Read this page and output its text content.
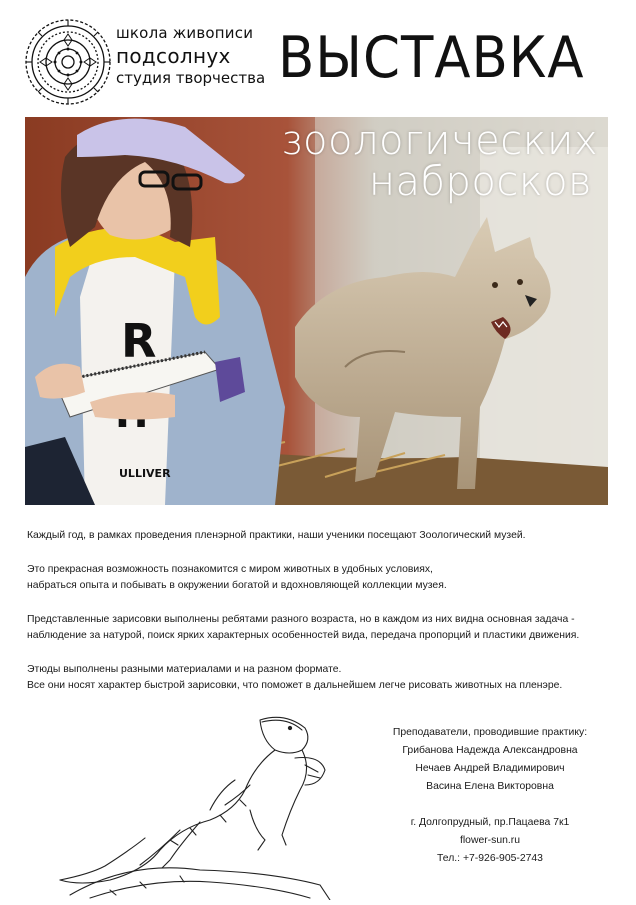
школа живописи
подсолнух
студия творчества ВЫСТАВКА
R
ULLIVER
зоологических
набросков

Каждый год, в рамках проведения пленэрной практики, наши ученики посещают Зоологический музей.

Это прекрасная возможность познакомится с миром животных в удобных условиях,
набраться опыта и побывать в окружении богатой и вдохновляющей коллекции музея.

Представленные зарисовки выполнены ребятами разного возраста, но в каждом из них видна основная задача -
наблюдение за натурой, поиск ярких характерных особенностей вида, передача пропорций и пластики движения.

Этюды выполнены разными материалами и на разном формате.
Все они носят характер быстрой зарисовки, что поможет в дальнейшем легче рисовать животных на пленэре.

Преподаватели, проводившие практику:
Грибанова Надежда Александровна
Нечаев Андрей Владимирович
Васина Елена Викторовна
г. Долгопрудный, пр.Пацаева 7к1
flower-sun.ru
Тел.: +7-926-905-2743
